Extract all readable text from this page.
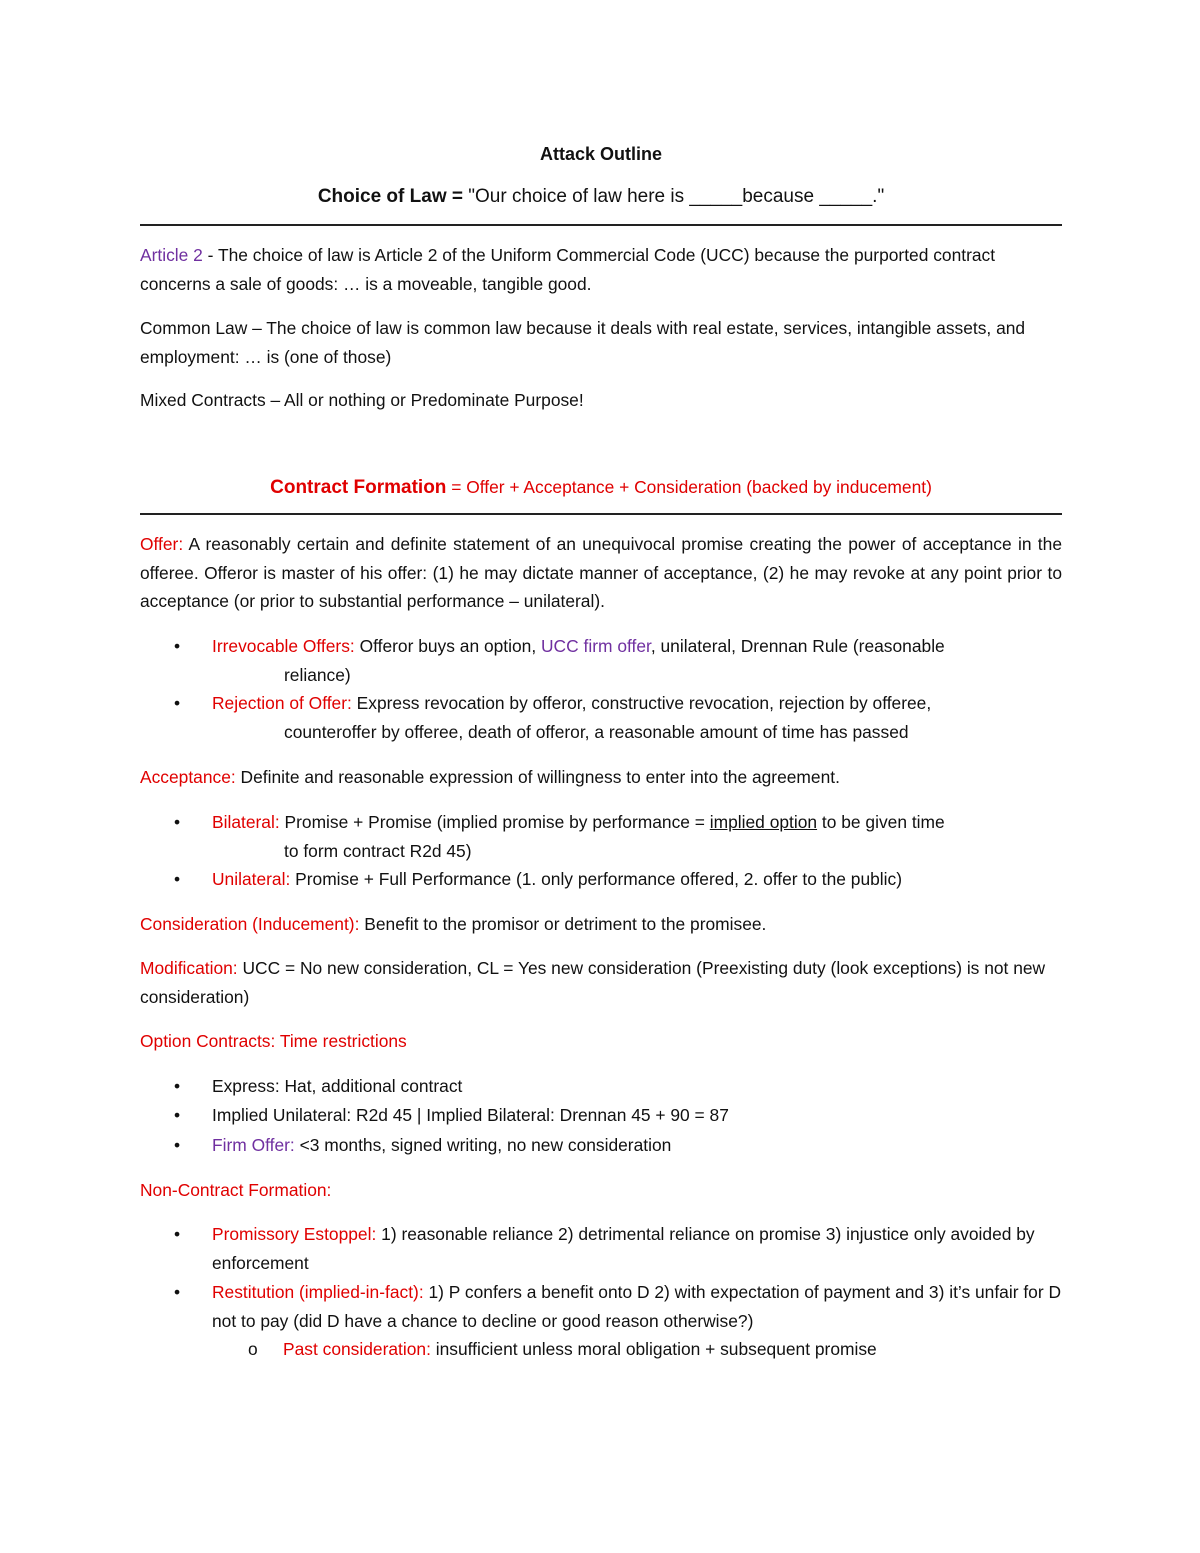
Attack Outline
Choice of Law = "Our choice of law here is _____because _____."

Article 2 - The choice of law is Article 2 of the Uniform Commercial Code (UCC) because the purported contract concerns a sale of goods: … is a moveable, tangible good.

Common Law – The choice of law is common law because it deals with real estate, services, intangible assets, and employment: … is (one of those)

Mixed Contracts – All or nothing or Predominate Purpose!

Contract Formation = Offer + Acceptance + Consideration (backed by inducement)

Offer: A reasonably certain and definite statement of an unequivocal promise creating the power of acceptance in the offeree. Offeror is master of his offer: (1) he may dictate manner of acceptance, (2) he may revoke at any point prior to acceptance (or prior to substantial performance – unilateral).

• Irrevocable Offers: Offeror buys an option, UCC firm offer, unilateral, Drennan Rule (reasonable
reliance)
• Rejection of Offer: Express revocation by offeror, constructive revocation, rejection by offeree,
counteroffer by offeree, death of offeror, a reasonable amount of time has passed

Acceptance: Definite and reasonable expression of willingness to enter into the agreement.

• Bilateral: Promise + Promise (implied promise by performance = implied option to be given time
to form contract R2d 45)
• Unilateral: Promise + Full Performance (1. only performance offered, 2. offer to the public)

Consideration (Inducement): Benefit to the promisor or detriment to the promisee.

Modification: UCC = No new consideration, CL = Yes new consideration (Preexisting duty (look exceptions) is not new consideration)

Option Contracts: Time restrictions

• Express: Hat, additional contract
• Implied Unilateral: R2d 45 | Implied Bilateral: Drennan 45 + 90 = 87
• Firm Offer: <3 months, signed writing, no new consideration

Non-Contract Formation:

• Promissory Estoppel: 1) reasonable reliance 2) detrimental reliance on promise 3) injustice only avoided by enforcement
• Restitution (implied-in-fact): 1) P confers a benefit onto D 2) with expectation of payment and 3) it’s unfair for D not to pay (did D have a chance to decline or good reason otherwise?)
o Past consideration: insufficient unless moral obligation + subsequent promise
